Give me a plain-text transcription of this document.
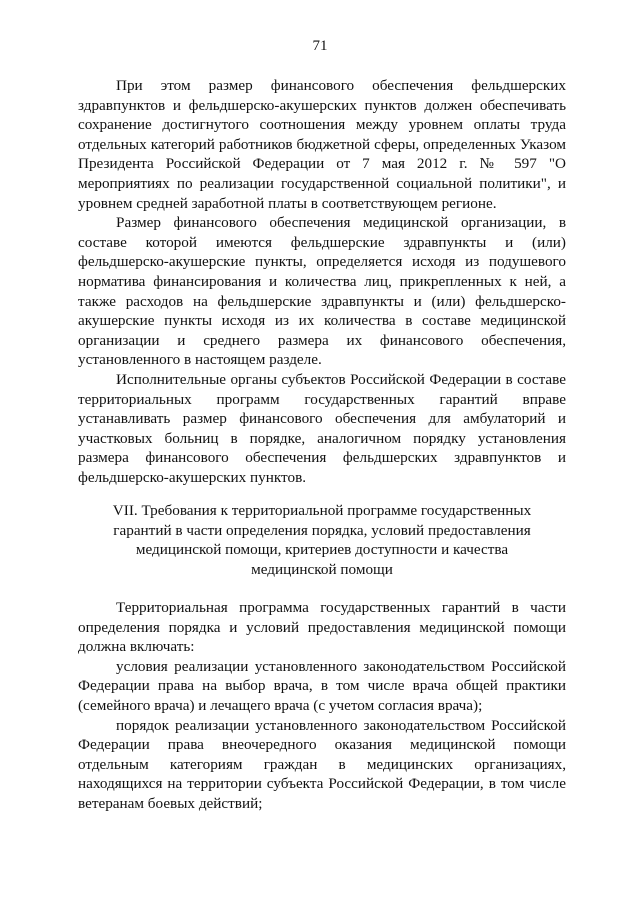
71

При этом размер финансового обеспечения фельдшерских здравпунктов и фельдшерско-акушерских пунктов должен обеспечивать сохранение достигнутого соотношения между уровнем оплаты труда отдельных категорий работников бюджетной сферы, определенных Указом Президента Российской Федерации от 7 мая 2012 г. № 597 "О мероприятиях по реализации государственной социальной политики", и уровнем средней заработной платы в соответствующем регионе.

Размер финансового обеспечения медицинской организации, в составе которой имеются фельдшерские здравпункты и (или) фельдшерско-акушерские пункты, определяется исходя из подушевого норматива финансирования и количества лиц, прикрепленных к ней, а также расходов на фельдшерские здравпункты и (или) фельдшерско-акушерские пункты исходя из их количества в составе медицинской организации и среднего размера их финансового обеспечения, установленного в настоящем разделе.

Исполнительные органы субъектов Российской Федерации в составе территориальных программ государственных гарантий вправе устанавливать размер финансового обеспечения для амбулаторий и участковых больниц в порядке, аналогичном порядку установления размера финансового обеспечения фельдшерских здравпунктов и фельдшерско-акушерских пунктов.

VII. Требования к территориальной программе государственных
гарантий в части определения порядка, условий предоставления
медицинской помощи, критериев доступности и качества
медицинской помощи

Территориальная программа государственных гарантий в части определения порядка и условий предоставления медицинской помощи должна включать:

условия реализации установленного законодательством Российской Федерации права на выбор врача, в том числе врача общей практики (семейного врача) и лечащего врача (с учетом согласия врача);

порядок реализации установленного законодательством Российской Федерации права внеочередного оказания медицинской помощи отдельным категориям граждан в медицинских организациях, находящихся на территории субъекта Российской Федерации, в том числе ветеранам боевых действий;
